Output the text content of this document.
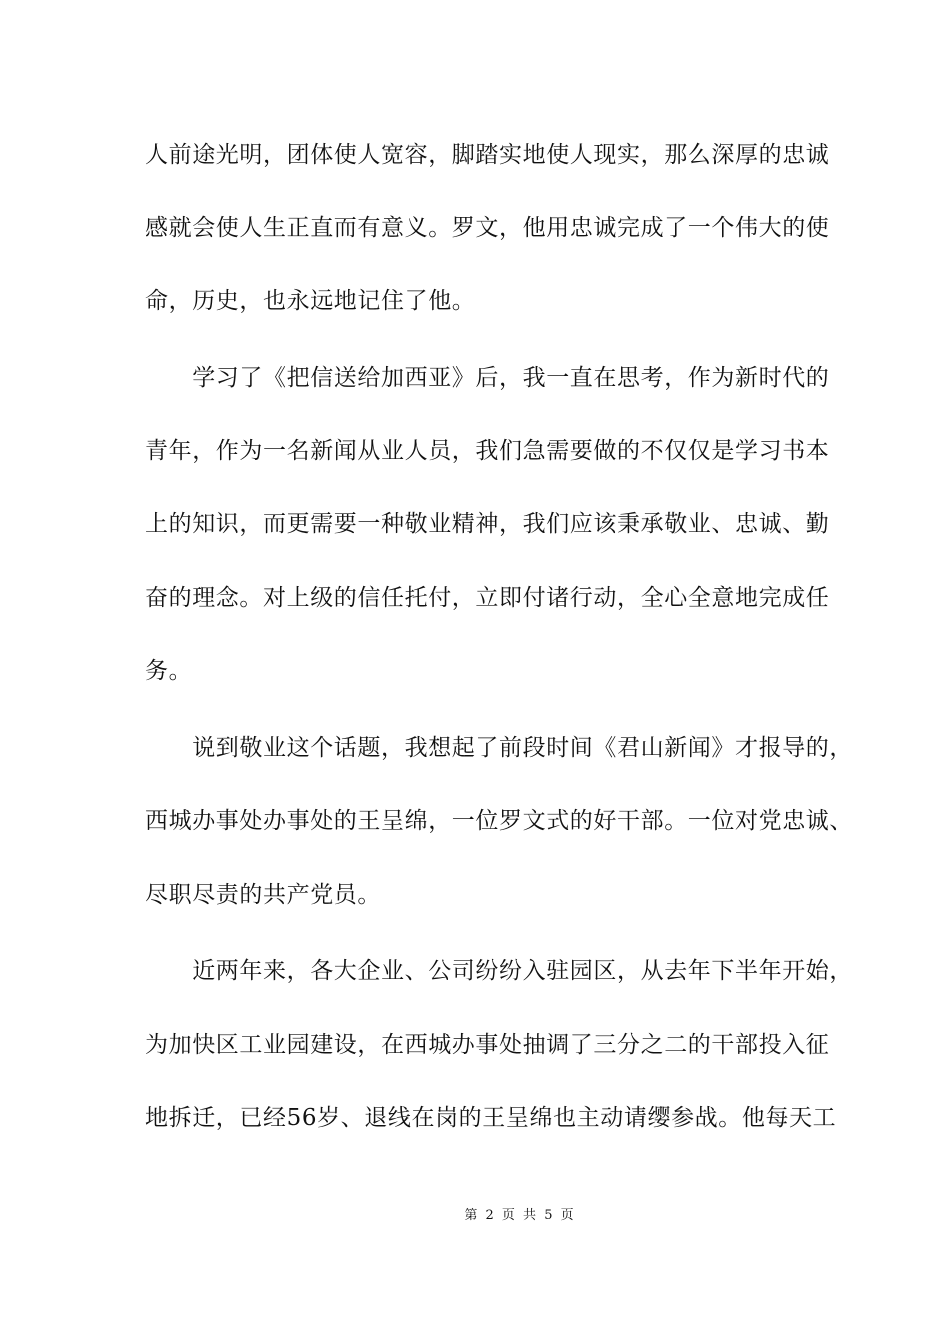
人前途光明，团体使人宽容，脚踏实地使人现实，那么深厚的忠诚
感就会使人生正直而有意义。罗文，他用忠诚完成了一个伟大的使
命，历史，也永远地记住了他。
　　学习了《把信送给加西亚》后，我一直在思考，作为新时代的
青年，作为一名新闻从业人员，我们急需要做的不仅仅是学习书本
上的知识，而更需要一种敬业精神，我们应该秉承敬业、忠诚、勤
奋的理念。对上级的信任托付，立即付诸行动，全心全意地完成任
务。
　　说到敬业这个话题，我想起了前段时间《君山新闻》才报导的，
西城办事处办事处的王呈绵，一位罗文式的好干部。一位对党忠诚、
尽职尽责的共产党员。
　　近两年来，各大企业、公司纷纷入驻园区，从去年下半年开始，
为加快区工业园建设，在西城办事处抽调了三分之二的干部投入征
地拆迁，已经56岁、退线在岗的王呈绵也主动请缨参战。他每天工
第 2 页 共 5 页
